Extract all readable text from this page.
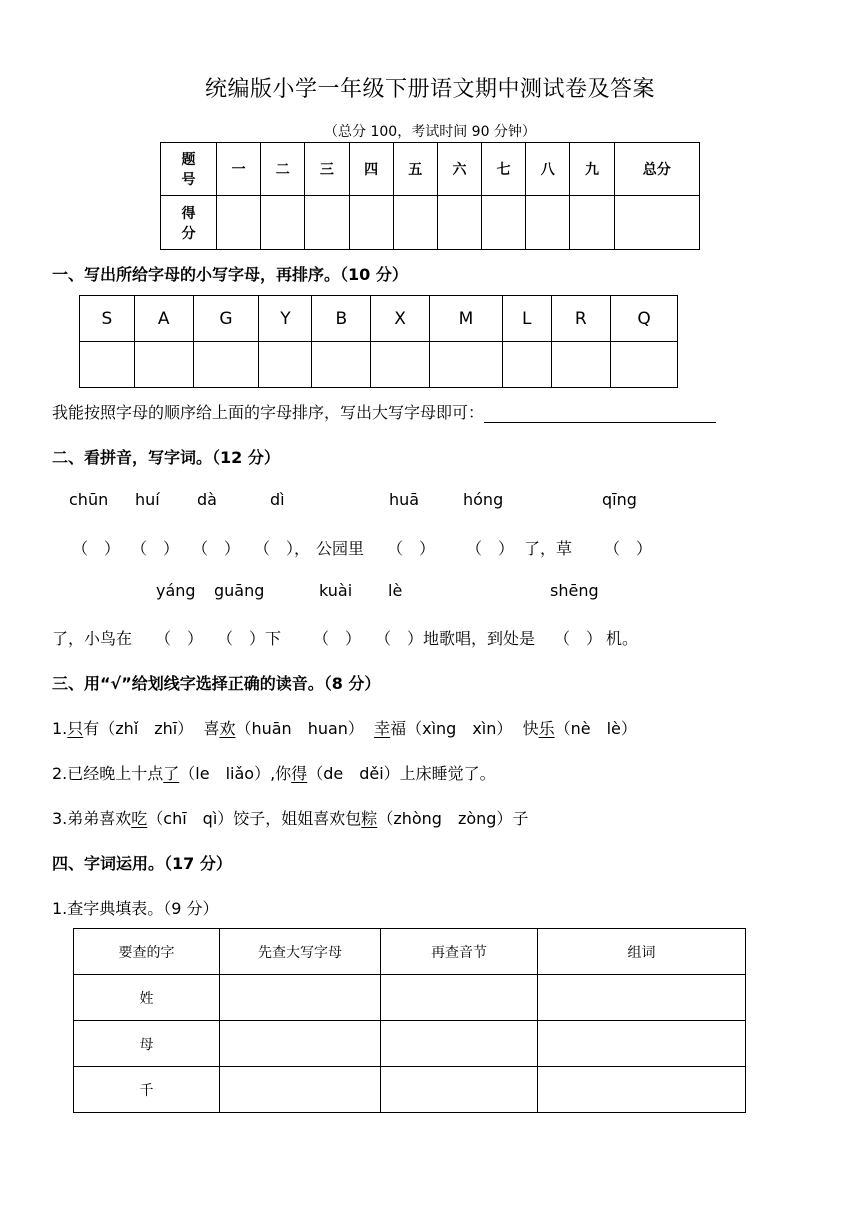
统编版小学一年级下册语文期中测试卷及答案
（总分 100，考试时间 90 分钟）
题
号	一	二	三	四	五	六	七	八	九	总分
得
分										
一、写出所给字母的小写字母，再排序。（10 分）
S	A	G	Y	B	X	M	L	R	Q

我能按照字母的顺序给上面的字母排序，写出大写字母即可：
二、看拼音，写字词。（12 分）
chūn huí dà	dì	huā	hóng	qīng
（　） （　） （　） （　）， 公园里 （　） （　） 了，草 （　）
yáng guāng	kuài lè	shēng
了，小鸟在 （　） （　）下 （　） （　）地歌唱，到处是 （　） 机。
三、用“√”给划线字选择正确的读音。（8 分）
1.只有（zhǐ　zhī） 喜欢（huān　huan） 幸福（xìng　xìn） 快乐（nè　lè）
2.已经晚上十点了（le　liǎo）,你得（de　děi）上床睡觉了。
3.弟弟喜欢吃（chī　qì）饺子，姐姐喜欢包粽（zhòng　zòng）子
四、字词运用。（17 分）
1.查字典填表。（9 分）
要查的字	先查大写字母	再查音节	组词
姓			
母			
千			
